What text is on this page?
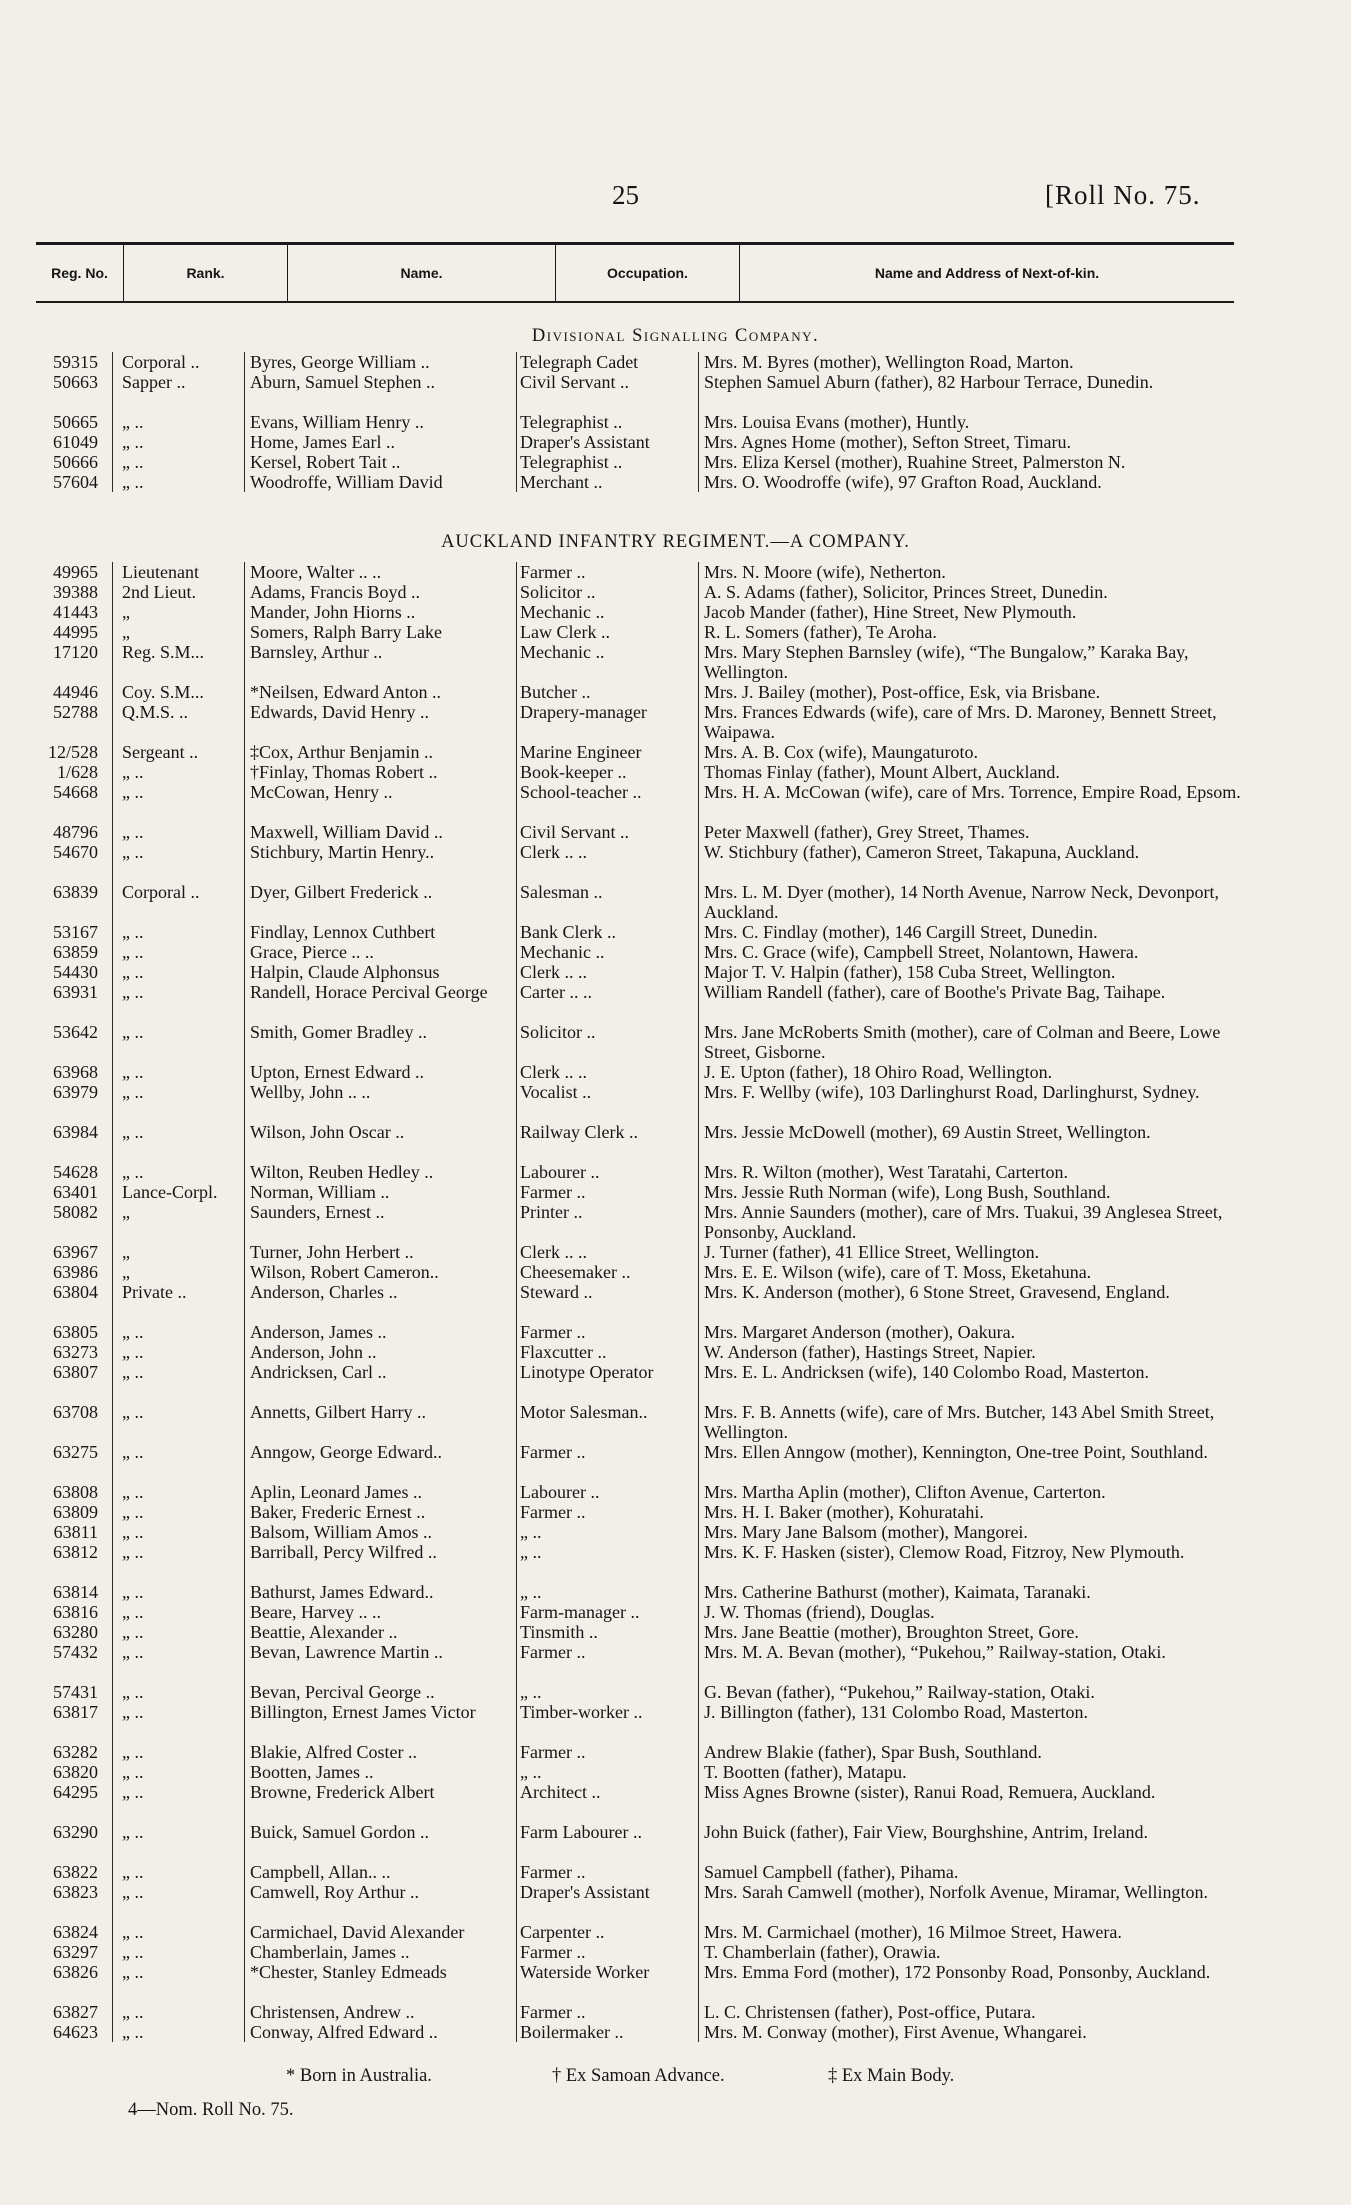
25	[Roll No. 75.
Reg. No.	Rank.	Name.	Occupation.	Name and Address of Next-of-kin.
Divisional Signalling Company.
59315 Corporal ..	Byres, George William ..	Telegraph Cadet	Mrs. M. Byres (mother), Wellington Road, Marton.
50663 Sapper ..	Aburn, Samuel Stephen ..	Civil Servant ..	Stephen Samuel Aburn (father), 82 Harbour Terrace, Dunedin.
50665 „ ..	Evans, William Henry ..	Telegraphist ..	Mrs. Louisa Evans (mother), Huntly.
61049 „ ..	Home, James Earl ..	Draper's Assistant	Mrs. Agnes Home (mother), Sefton Street, Timaru.
50666 „ ..	Kersel, Robert Tait ..	Telegraphist ..	Mrs. Eliza Kersel (mother), Ruahine Street, Palmerston N.
57604 „ ..	Woodroffe, William David	Merchant ..	Mrs. O. Woodroffe (wife), 97 Grafton Road, Auckland.
AUCKLAND INFANTRY REGIMENT.—A COMPANY.
49965 Lieutenant	Moore, Walter .. ..	Farmer ..	Mrs. N. Moore (wife), Netherton.
39388 2nd Lieut.	Adams, Francis Boyd ..	Solicitor ..	A. S. Adams (father), Solicitor, Princes Street, Dunedin.
41443 „	Mander, John Hiorns ..	Mechanic ..	Jacob Mander (father), Hine Street, New Plymouth.
44995 „	Somers, Ralph Barry Lake	Law Clerk ..	R. L. Somers (father), Te Aroha.
17120 Reg. S.M...	Barnsley, Arthur ..	Mechanic ..	Mrs. Mary Stephen Barnsley (wife), “The Bungalow,” Karaka Bay, Wellington.
44946 Coy. S.M...	*Neilsen, Edward Anton ..	Butcher ..	Mrs. J. Bailey (mother), Post-office, Esk, via Brisbane.
52788 Q.M.S. ..	Edwards, David Henry ..	Drapery-manager	Mrs. Frances Edwards (wife), care of Mrs. D. Maroney, Bennett Street, Waipawa.
12/528 Sergeant ..	‡Cox, Arthur Benjamin ..	Marine Engineer	Mrs. A. B. Cox (wife), Maungaturoto.
1/628 „ ..	†Finlay, Thomas Robert ..	Book-keeper ..	Thomas Finlay (father), Mount Albert, Auckland.
54668 „ ..	McCowan, Henry ..	School-teacher ..	Mrs. H. A. McCowan (wife), care of Mrs. Torrence, Empire Road, Epsom.
48796 „ ..	Maxwell, William David ..	Civil Servant ..	Peter Maxwell (father), Grey Street, Thames.
54670 „ ..	Stichbury, Martin Henry..	Clerk .. ..	W. Stichbury (father), Cameron Street, Takapuna, Auckland.
63839 Corporal ..	Dyer, Gilbert Frederick ..	Salesman ..	Mrs. L. M. Dyer (mother), 14 North Avenue, Narrow Neck, Devonport, Auckland.
53167 „ ..	Findlay, Lennox Cuthbert	Bank Clerk ..	Mrs. C. Findlay (mother), 146 Cargill Street, Dunedin.
63859 „ ..	Grace, Pierce .. ..	Mechanic ..	Mrs. C. Grace (wife), Campbell Street, Nolantown, Hawera.
54430 „ ..	Halpin, Claude Alphonsus	Clerk .. ..	Major T. V. Halpin (father), 158 Cuba Street, Wellington.
63931 „ ..	Randell, Horace Percival George	Carter .. ..	William Randell (father), care of Boothe's Private Bag, Taihape.
53642 „ ..	Smith, Gomer Bradley ..	Solicitor ..	Mrs. Jane McRoberts Smith (mother), care of Colman and Beere, Lowe Street, Gisborne.
63968 „ ..	Upton, Ernest Edward ..	Clerk .. ..	J. E. Upton (father), 18 Ohiro Road, Wellington.
63979 „ ..	Wellby, John .. ..	Vocalist ..	Mrs. F. Wellby (wife), 103 Darlinghurst Road, Darlinghurst, Sydney.
63984 „ ..	Wilson, John Oscar ..	Railway Clerk ..	Mrs. Jessie McDowell (mother), 69 Austin Street, Wellington.
54628 „ ..	Wilton, Reuben Hedley ..	Labourer ..	Mrs. R. Wilton (mother), West Taratahi, Carterton.
63401 Lance-Corpl.	Norman, William ..	Farmer ..	Mrs. Jessie Ruth Norman (wife), Long Bush, Southland.
58082 „	Saunders, Ernest ..	Printer ..	Mrs. Annie Saunders (mother), care of Mrs. Tuakui, 39 Anglesea Street, Ponsonby, Auckland.
63967 „	Turner, John Herbert ..	Clerk .. ..	J. Turner (father), 41 Ellice Street, Wellington.
63986 „	Wilson, Robert Cameron..	Cheesemaker ..	Mrs. E. E. Wilson (wife), care of T. Moss, Eketahuna.
63804 Private ..	Anderson, Charles ..	Steward ..	Mrs. K. Anderson (mother), 6 Stone Street, Gravesend, England.
63805 „ ..	Anderson, James ..	Farmer ..	Mrs. Margaret Anderson (mother), Oakura.
63273 „ ..	Anderson, John ..	Flaxcutter ..	W. Anderson (father), Hastings Street, Napier.
63807 „ ..	Andricksen, Carl ..	Linotype Operator	Mrs. E. L. Andricksen (wife), 140 Colombo Road, Masterton.
63708 „ ..	Annetts, Gilbert Harry ..	Motor Salesman..	Mrs. F. B. Annetts (wife), care of Mrs. Butcher, 143 Abel Smith Street, Wellington.
63275 „ ..	Anngow, George Edward..	Farmer ..	Mrs. Ellen Anngow (mother), Kennington, One-tree Point, Southland.
63808 „ ..	Aplin, Leonard James ..	Labourer ..	Mrs. Martha Aplin (mother), Clifton Avenue, Carterton.
63809 „ ..	Baker, Frederic Ernest ..	Farmer ..	Mrs. H. I. Baker (mother), Kohuratahi.
63811 „ ..	Balsom, William Amos ..	„ ..	Mrs. Mary Jane Balsom (mother), Mangorei.
63812 „ ..	Barriball, Percy Wilfred ..	„ ..	Mrs. K. F. Hasken (sister), Clemow Road, Fitzroy, New Plymouth.
63814 „ ..	Bathurst, James Edward..	„ ..	Mrs. Catherine Bathurst (mother), Kaimata, Taranaki.
63816 „ ..	Beare, Harvey .. ..	Farm-manager ..	J. W. Thomas (friend), Douglas.
63280 „ ..	Beattie, Alexander ..	Tinsmith ..	Mrs. Jane Beattie (mother), Broughton Street, Gore.
57432 „ ..	Bevan, Lawrence Martin ..	Farmer ..	Mrs. M. A. Bevan (mother), “Pukehou,” Railway-station, Otaki.
57431 „ ..	Bevan, Percival George ..	„ ..	G. Bevan (father), “Pukehou,” Railway-station, Otaki.
63817 „ ..	Billington, Ernest James Victor	Timber-worker ..	J. Billington (father), 131 Colombo Road, Masterton.
63282 „ ..	Blakie, Alfred Coster ..	Farmer ..	Andrew Blakie (father), Spar Bush, Southland.
63820 „ ..	Bootten, James ..	„ ..	T. Bootten (father), Matapu.
64295 „ ..	Browne, Frederick Albert	Architect ..	Miss Agnes Browne (sister), Ranui Road, Remuera, Auckland.
63290 „ ..	Buick, Samuel Gordon ..	Farm Labourer ..	John Buick (father), Fair View, Bourghshine, Antrim, Ireland.
63822 „ ..	Campbell, Allan.. ..	Farmer ..	Samuel Campbell (father), Pihama.
63823 „ ..	Camwell, Roy Arthur ..	Draper's Assistant	Mrs. Sarah Camwell (mother), Norfolk Avenue, Miramar, Wellington.
63824 „ ..	Carmichael, David Alexander	Carpenter ..	Mrs. M. Carmichael (mother), 16 Milmoe Street, Hawera.
63297 „ ..	Chamberlain, James ..	Farmer ..	T. Chamberlain (father), Orawia.
63826 „ ..	*Chester, Stanley Edmeads	Waterside Worker	Mrs. Emma Ford (mother), 172 Ponsonby Road, Ponsonby, Auckland.
63827 „ ..	Christensen, Andrew ..	Farmer ..	L. C. Christensen (father), Post-office, Putara.
64623 „ ..	Conway, Alfred Edward ..	Boilermaker ..	Mrs. M. Conway (mother), First Avenue, Whangarei.
* Born in Australia.	† Ex Samoan Advance.	‡ Ex Main Body.
4—Nom. Roll No. 75.
